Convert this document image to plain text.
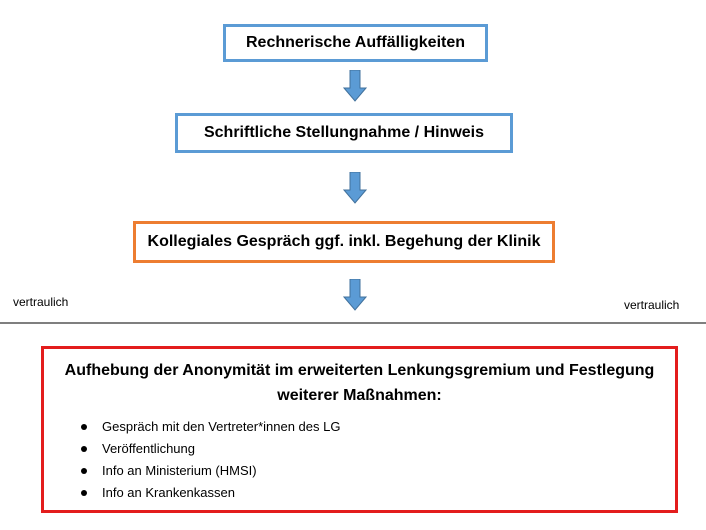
Rechnerische Auffälligkeiten
Schriftliche Stellungnahme / Hinweis
Kollegiales Gespräch ggf. inkl. Begehung der Klinik
vertraulich	vertraulich
Aufhebung der Anonymität im erweiterten Lenkungsgremium und Festlegung
weiterer Maßnahmen:
Gespräch mit den Vertreter*innen des LG
Veröffentlichung
Info an Ministerium (HMSI)
Info an Krankenkassen
